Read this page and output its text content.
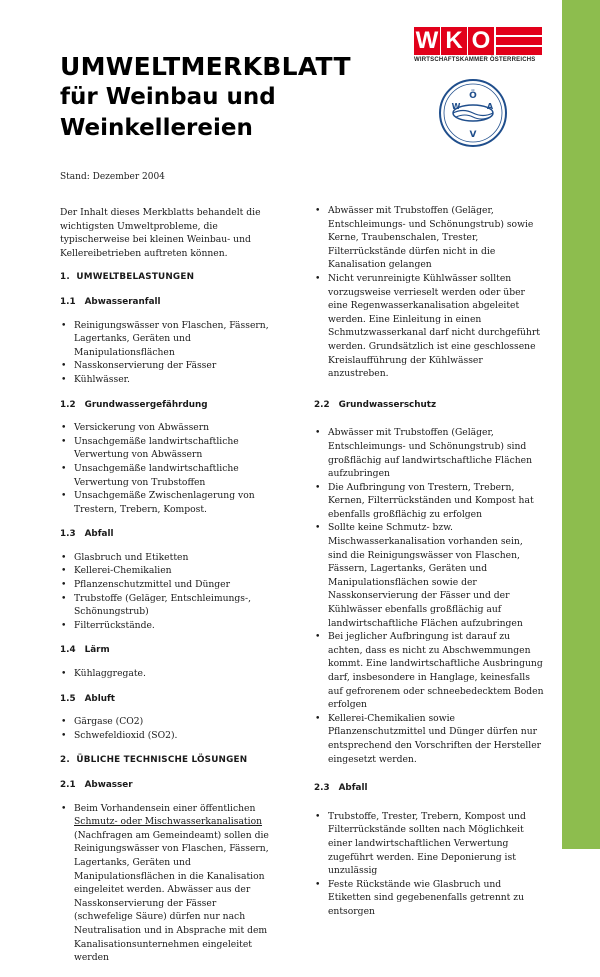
W K O
WIRTSCHAFTSKAMMER ÖSTERREICHS
Ö
W	A
V
UMWELTMERKBLATT
für Weinbau und
Weinkellereien
Stand: Dezember 2004

Der Inhalt dieses Merkblatts behandelt die wichtigsten Umweltprobleme, die typischerweise bei kleinen Weinbau- und Kellereibetrieben auftreten können.

1. UMWELTBELASTUNGEN
1.1 Abwasseranfall
• Reinigungswässer von Flaschen, Fässern, Lagertanks, Geräten und Manipulationsflächen
• Nasskonservierung der Fässer
• Kühlwässer.
1.2 Grundwassergefährdung
• Versickerung von Abwässern
• Unsachgemäße landwirtschaftliche Verwertung von Abwässern
• Unsachgemäße landwirtschaftliche Verwertung von Trubstoffen
• Unsachgemäße Zwischenlagerung von Trestern, Trebern, Kompost.
1.3 Abfall
• Glasbruch und Etiketten
• Kellerei-Chemikalien
• Pflanzenschutzmittel und Dünger
• Trubstoffe (Geläger, Entschleimungs-, Schönungstrub)
• Filterrückstände.
1.4 Lärm
• Kühlaggregate.
1.5 Abluft
• Gärgase (CO2)
• Schwefeldioxid (SO2).
2. ÜBLICHE TECHNISCHE LÖSUNGEN
2.1 Abwasser
• Beim Vorhandensein einer öffentlichen Schmutz- oder Mischwasserkanalisation (Nachfragen am Gemeindeamt) sollen die Reinigungswässer von Flaschen, Fässern, Lagertanks, Geräten und Manipulationsflächen in die Kanalisation eingeleitet werden. Abwässer aus der Nasskonservierung der Fässer (schwefelige Säure) dürfen nur nach Neutralisation und in Absprache mit dem Kanalisationsunternehmen eingeleitet werden
• Abwässer mit Trubstoffen (Geläger, Entschleimungs- und Schönungstrub) sowie Kerne, Traubenschalen, Trester, Filterrückstände dürfen nicht in die Kanalisation gelangen
• Nicht verunreinigte Kühlwässer sollten vorzugsweise verrieselt werden oder über eine Regenwasserkanalisation abgeleitet werden. Eine Einleitung in einen Schmutzwasserkanal darf nicht durchgeführt werden. Grundsätzlich ist eine geschlossene Kreislaufführung der Kühlwässer anzustreben.
2.2 Grundwasserschutz
• Abwässer mit Trubstoffen (Geläger, Entschleimungs- und Schönungstrub) sind großflächig auf landwirtschaftliche Flächen aufzubringen
• Die Aufbringung von Trestern, Trebern, Kernen, Filterrückständen und Kompost hat ebenfalls großflächig zu erfolgen
• Sollte keine Schmutz- bzw. Mischwasserkanalisation vorhanden sein, sind die Reinigungswässer von Flaschen, Fässern, Lagertanks, Geräten und Manipulationsflächen sowie der Nasskonservierung der Fässer und der Kühlwässer ebenfalls großflächig auf landwirtschaftliche Flächen aufzubringen
• Bei jeglicher Aufbringung ist darauf zu achten, dass es nicht zu Abschwemmungen kommt. Eine landwirtschaftliche Ausbringung darf, insbesondere in Hanglage, keinesfalls auf gefrorenem oder schneebedecktem Boden erfolgen
• Kellerei-Chemikalien sowie Pflanzenschutzmittel und Dünger dürfen nur entsprechend den Vorschriften der Hersteller eingesetzt werden.
2.3 Abfall
• Trubstoffe, Trester, Trebern, Kompost und Filterrückstände sollten nach Möglichkeit einer landwirtschaftlichen Verwertung zugeführt werden. Eine Deponierung ist unzulässig
• Feste Rückstände wie Glasbruch und Etiketten sind gegebenenfalls getrennt zu entsorgen
